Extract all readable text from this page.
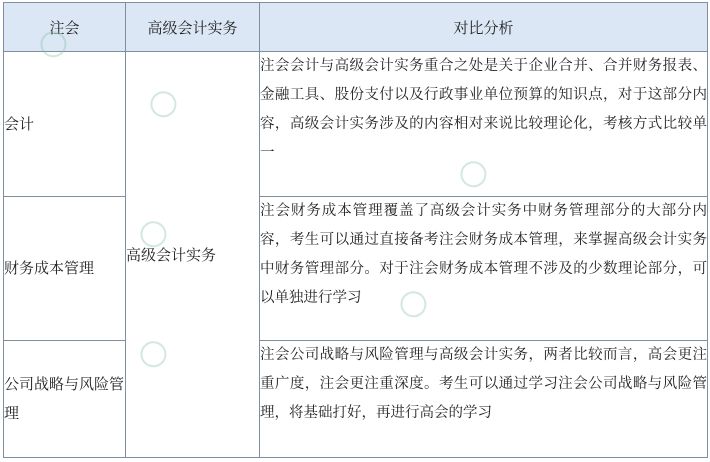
注会	高级会计实务	对比分析
会计	高级会计实务	注会会计与高级会计实务重合之处是关于企业合并、合并财务报表、金融工具、股份支付以及行政事业单位预算的知识点，对于这部分内容，高级会计实务涉及的内容相对来说比较理论化，考核方式比较单一
财务成本管理		注会财务成本管理覆盖了高级会计实务中财务管理部分的大部分内容，考生可以通过直接备考注会财务成本管理，来掌握高级会计实务中财务管理部分。对于注会财务成本管理不涉及的少数理论部分，可以单独进行学习
公司战略与风险管理		注会公司战略与风险管理与高级会计实务，两者比较而言，高会更注重广度，注会更注重深度。考生可以通过学习注会公司战略与风险管理，将基础打好，再进行高会的学习
